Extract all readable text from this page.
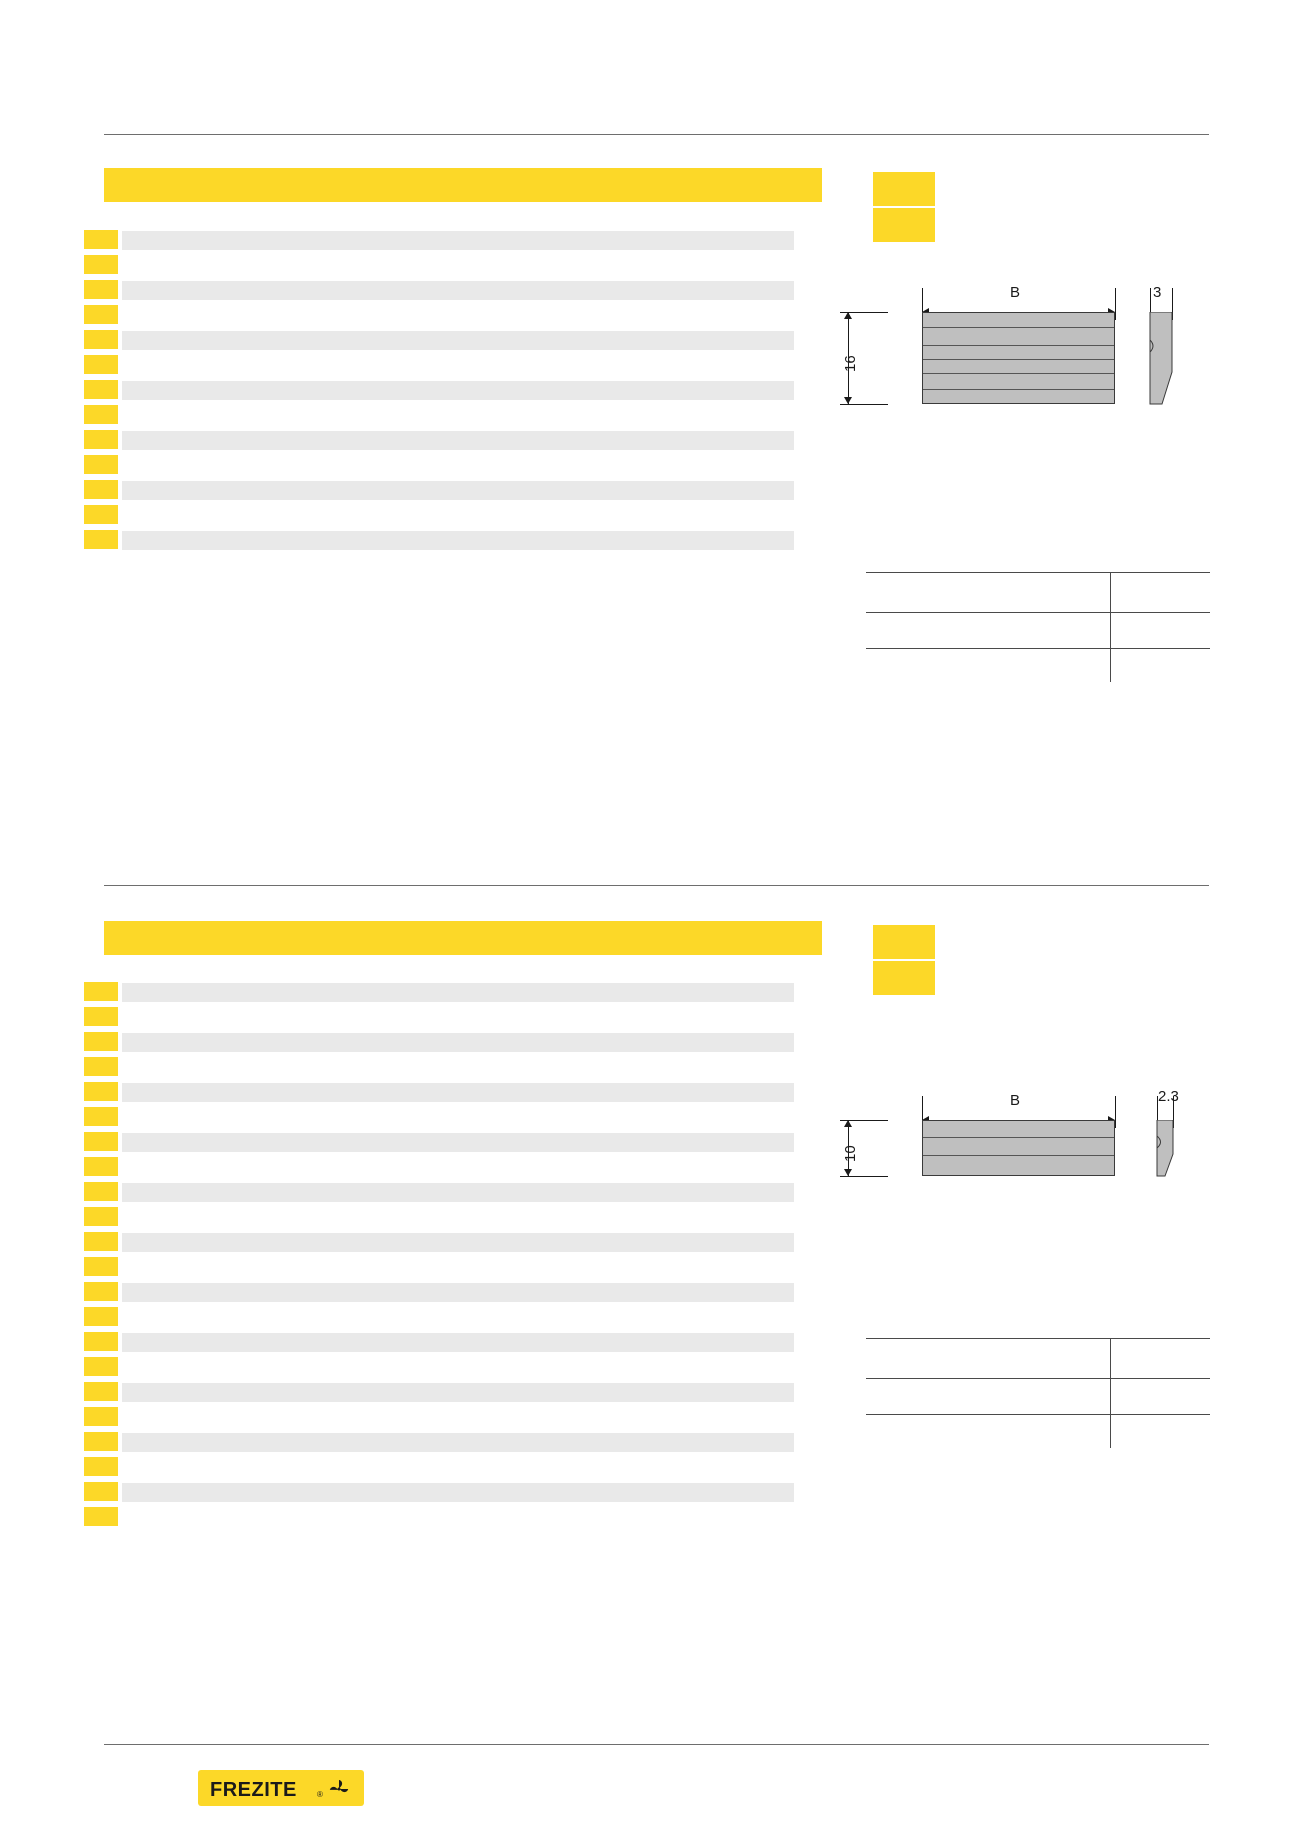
B
16
3
B
10
2.3
FREZITE	®
